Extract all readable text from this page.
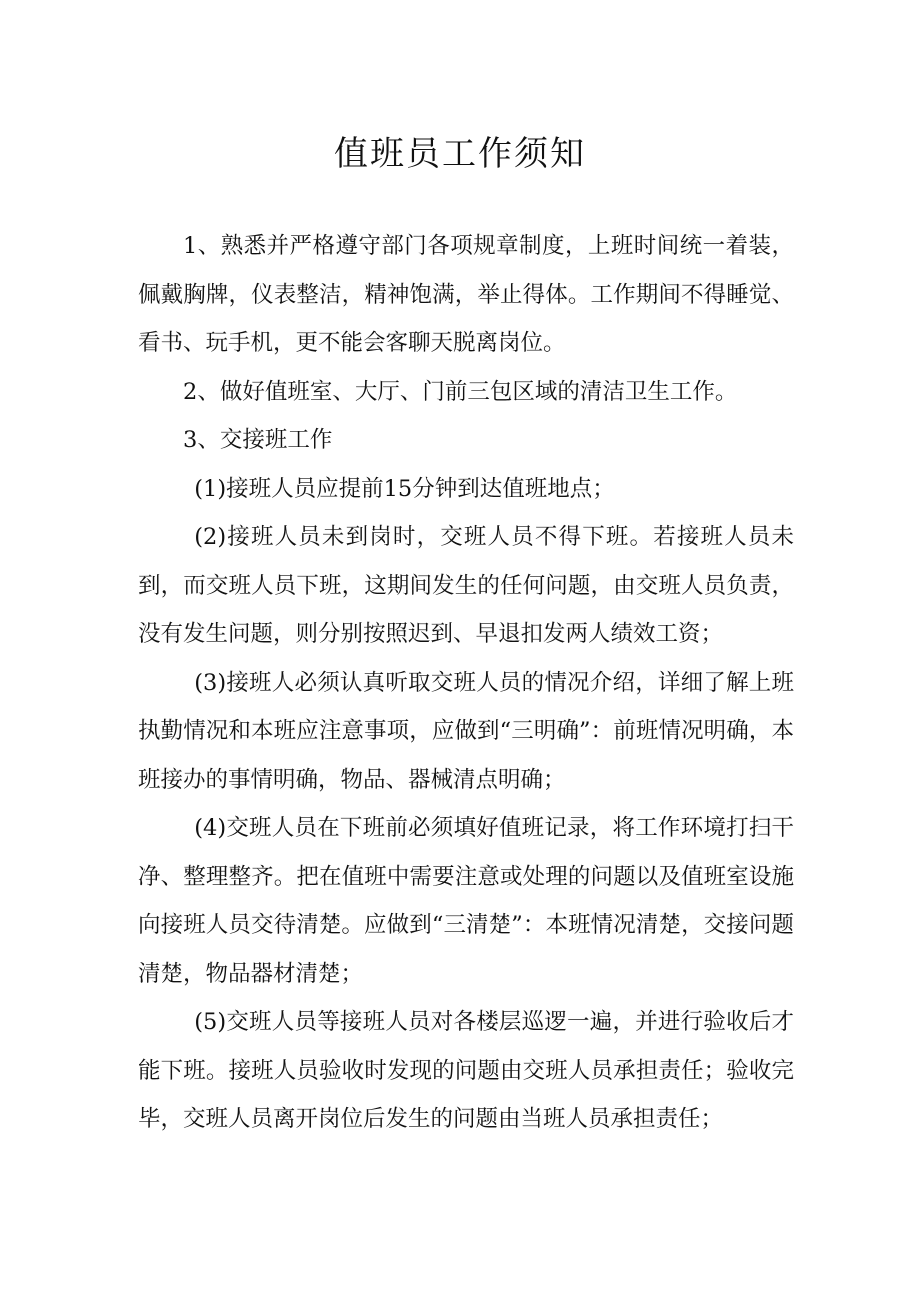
值班员工作须知

1、熟悉并严格遵守部门各项规章制度，上班时间统一着装，佩戴胸牌，仪表整洁，精神饱满，举止得体。工作期间不得睡觉、看书、玩手机，更不能会客聊天脱离岗位。

2、做好值班室、大厅、门前三包区域的清洁卫生工作。

3、交接班工作

(1)接班人员应提前15分钟到达值班地点；

(2)接班人员未到岗时，交班人员不得下班。若接班人员未到，而交班人员下班，这期间发生的任何问题，由交班人员负责，没有发生问题，则分别按照迟到、早退扣发两人绩效工资；

(3)接班人必须认真听取交班人员的情况介绍，详细了解上班执勤情况和本班应注意事项，应做到“三明确”：前班情况明确，本班接办的事情明确，物品、器械清点明确；

(4)交班人员在下班前必须填好值班记录，将工作环境打扫干净、整理整齐。把在值班中需要注意或处理的问题以及值班室设施向接班人员交待清楚。应做到“三清楚”：本班情况清楚，交接问题清楚，物品器材清楚；

(5)交班人员等接班人员对各楼层巡逻一遍，并进行验收后才能下班。接班人员验收时发现的问题由交班人员承担责任；验收完毕，交班人员离开岗位后发生的问题由当班人员承担责任；
